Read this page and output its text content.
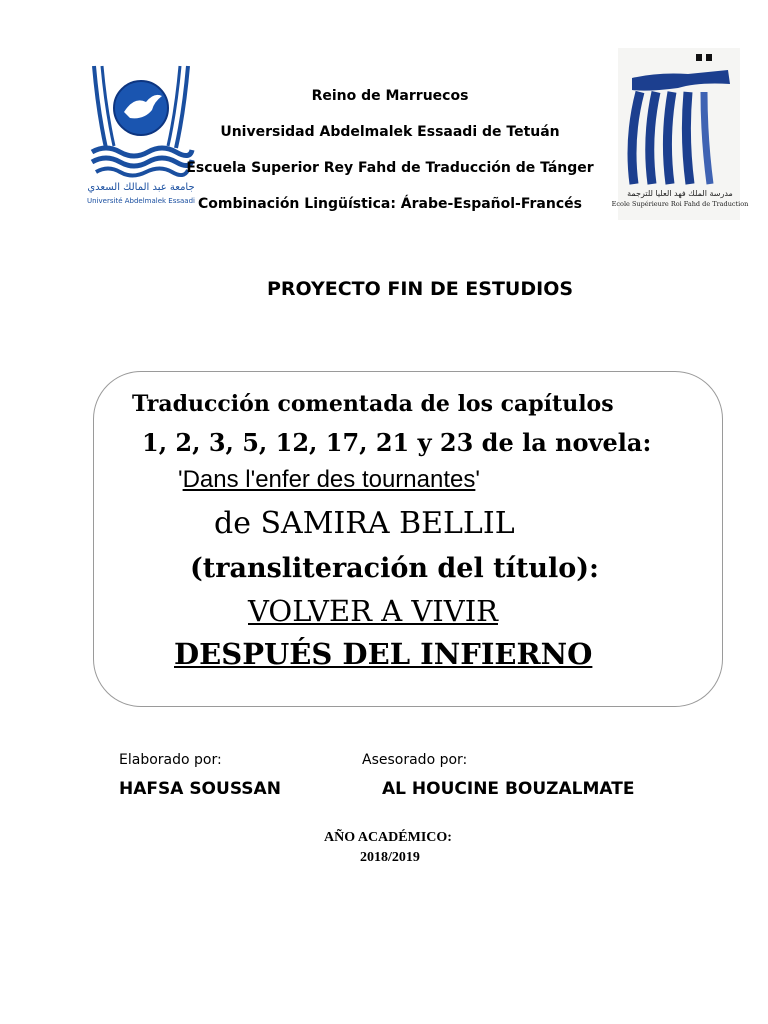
جامعة عبد المالك السعدي
Université Abdelmalek Essaadi
مدرسة الملك فهد العليا للترجمة
Ecole Supérieure Roi Fahd de Traduction
Reino de Marruecos
Universidad Abdelmalek Essaadi de Tetuán
Escuela Superior Rey Fahd de Traducción de Tánger
Combinación Lingüística: Árabe-Español-Francés
PROYECTO FIN DE ESTUDIOS
Traducción comentada de los capítulos
1, 2, 3, 5, 12, 17, 21 y 23 de la novela:
'Dans l'enfer des tournantes'
de SAMIRA BELLIL
(transliteración del título):
VOLVER A VIVIR
DESPUÉS DEL INFIERNO
Elaborado por:
HAFSA SOUSSAN
Asesorado por:
AL HOUCINE BOUZALMATE
AÑO ACADÉMICO:
2018/2019
